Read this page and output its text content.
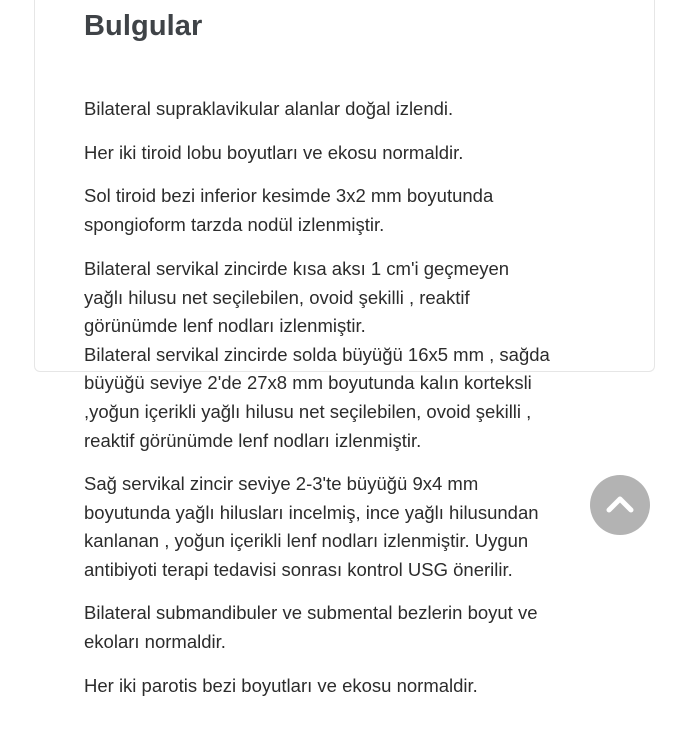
Bulgular

Bilateral supraklavikular alanlar doğal izlendi.

Her iki tiroid lobu boyutları ve ekosu normaldir.

Sol tiroid bezi inferior kesimde 3x2 mm boyutunda
spongioform tarzda nodül izlenmiştir.

Bilateral servikal zincirde kısa aksı 1 cm'i geçmeyen
yağlı hilusu net seçilebilen, ovoid şekilli , reaktif
görünümde lenf nodları izlenmiştir.
Bilateral servikal zincirde solda büyüğü 16x5 mm , sağda
büyüğü seviye 2'de 27x8 mm boyutunda kalın korteksli
,yoğun içerikli yağlı hilusu net seçilebilen, ovoid şekilli ,
reaktif görünümde lenf nodları izlenmiştir.

Sağ servikal zincir seviye 2-3'te büyüğü 9x4 mm
boyutunda yağlı hilusları incelmiş, ince yağlı hilusundan
kanlanan , yoğun içerikli lenf nodları izlenmiştir. Uygun
antibiyoti terapi tedavisi sonrası kontrol USG önerilir.

Bilateral submandibuler ve submental bezlerin boyut ve
ekoları normaldir.

Her iki parotis bezi boyutları ve ekosu normaldir.
